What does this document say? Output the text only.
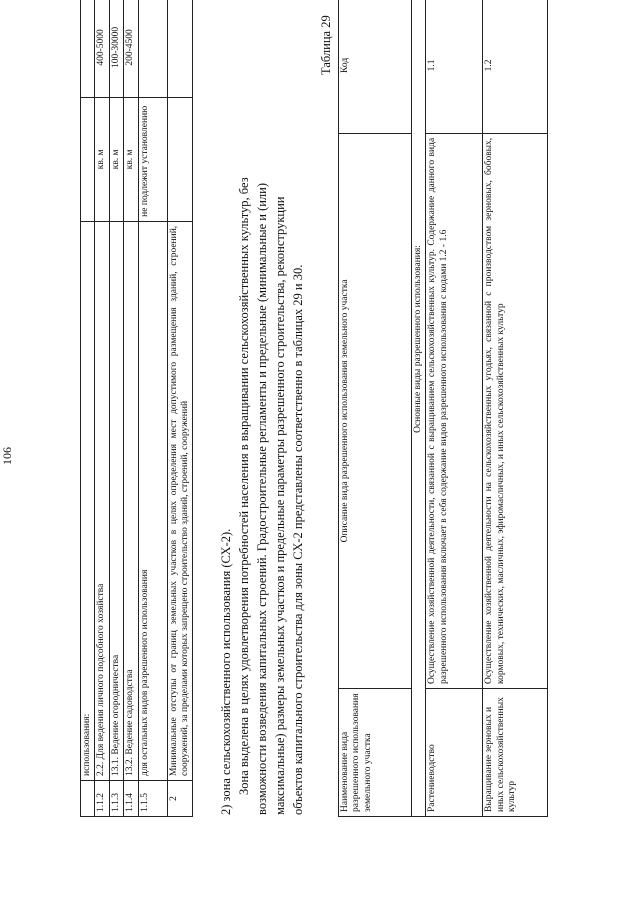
106
	использования:		
1.1.2	2.2. Для ведения личного подсобного хозяйства	кв. м	400-5000
1.1.3	13.1. Ведение огородничества	кв. м	100-30000
1.1.4	13.2. Ведение садоводства	кв. м	200-4500
1.1.5	для остальных видов разрешенного использования	не подлежит установлению	
2	Минимальные отступы от границ земельных участков в целях определения мест допустимого размещения зданий, строений, сооружений, за пределами которых запрещено строительство зданий, строений, сооружений		2) зона сельскохозяйственного использования (СХ-2). Зона выделена в целях удовлетворения потребностей населения в выращивании сельскохозяйственных культур, без возможности возведения капитальных строений. Градостроительные регламенты и предельные (минимальные и (или) максимальные) размеры земельных участков и предельные параметры разрешенного строительства, реконструкции объектов капитального строительства для зоны СХ-2 представлены соответственно в таблицах 29 и 30.
Таблица 29
Наименование вида разрешенного использования земельного участка	Описание вида разрешенного использования земельного участка	Код
Основные виды разрешенного использования:		
Растениеводство	Осуществление хозяйственной деятельности, связанной с выращиванием сельскохозяйственных культур. Содержание данного вида разрешенного использования включает в себя содержание видов разрешенного использования с кодами 1.2 - 1.6	1.1
Выращивание зерновых и иных сельскохозяйственных культур	Осуществление хозяйственной деятельности на сельскохозяйственных угодьях, связанной с производством зерновых, бобовых, кормовых, технических, масличных, эфиромасличных, и иных сельскохозяйственных культур	1.2
